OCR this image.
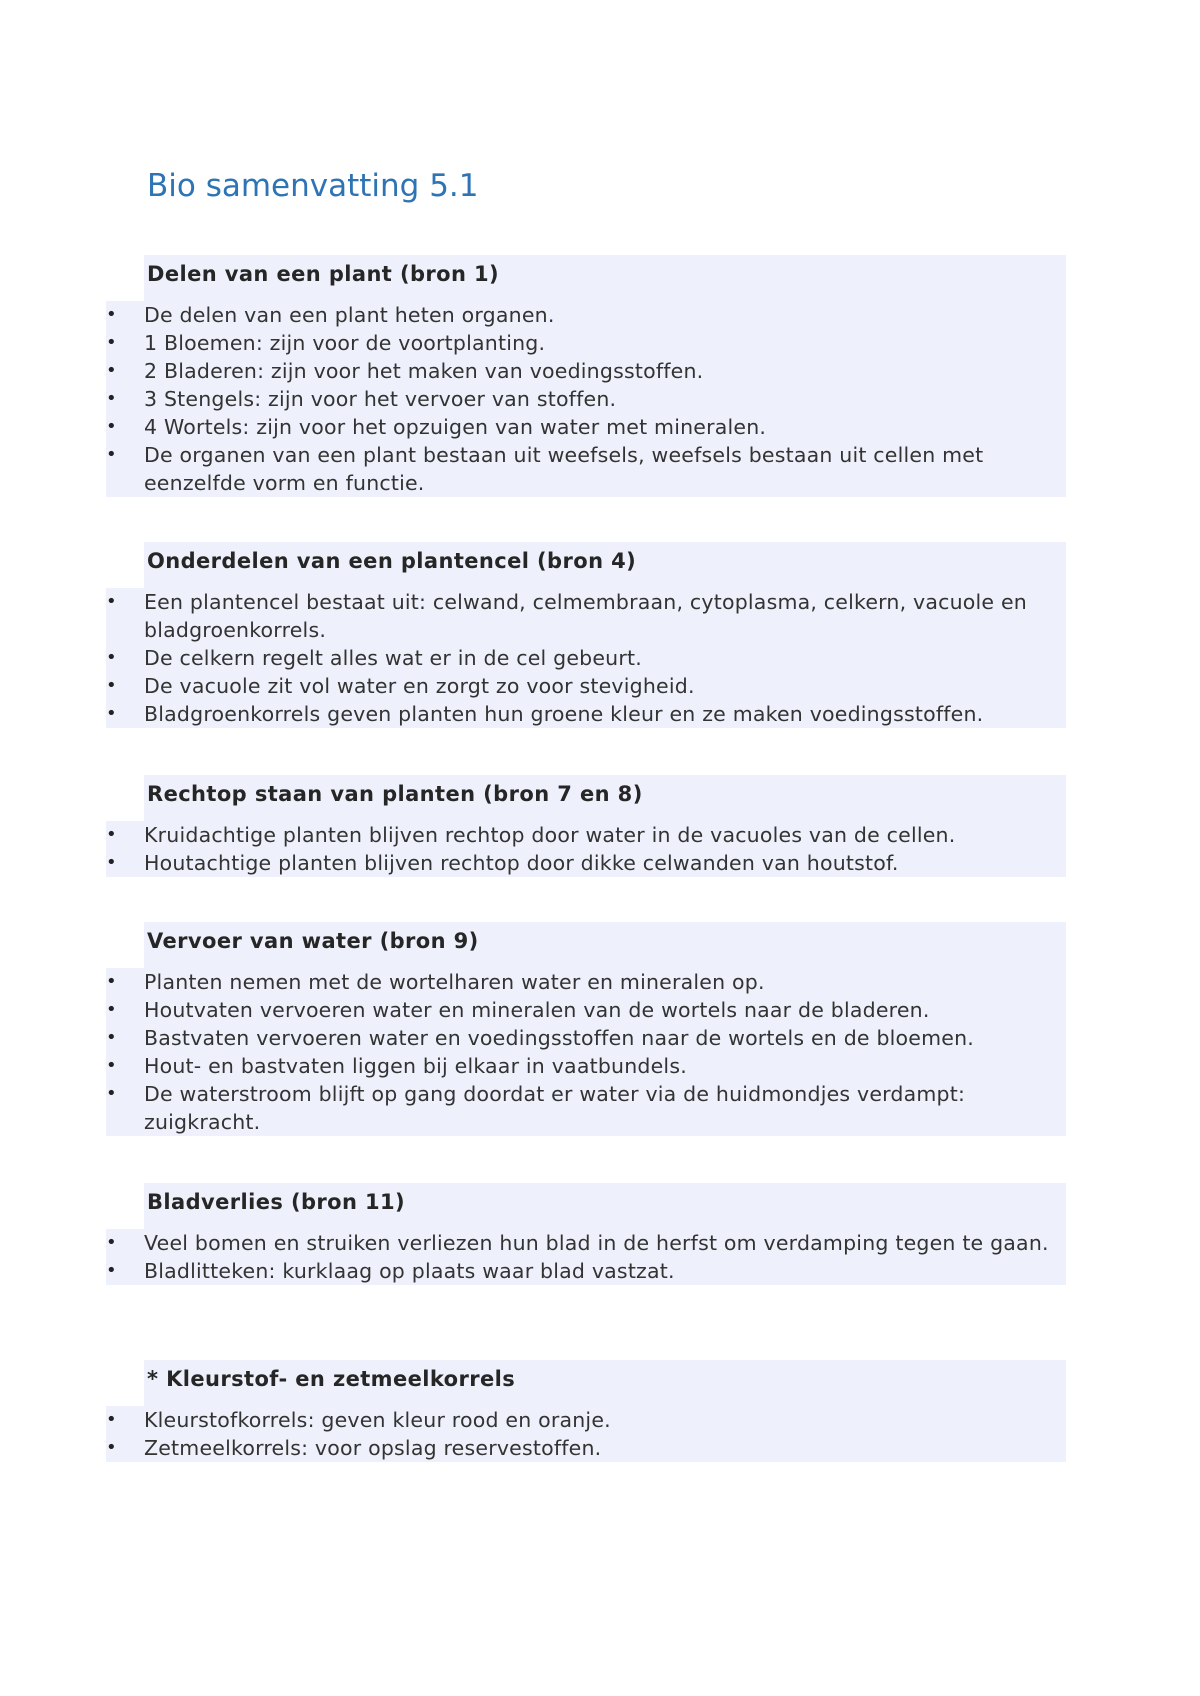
Bio samenvatting 5.1
Delen van een plant (bron 1)
•	De delen van een plant heten organen.
•	1 Bloemen: zijn voor de voortplanting.
•	2 Bladeren: zijn voor het maken van voedingsstoffen.
•	3 Stengels: zijn voor het vervoer van stoffen.
•	4 Wortels: zijn voor het opzuigen van water met mineralen.
•	De organen van een plant bestaan uit weefsels, weefsels bestaan uit cellen met eenzelfde vorm en functie.
Onderdelen van een plantencel (bron 4)
•	Een plantencel bestaat uit: celwand, celmembraan, cytoplasma, celkern, vacuole en bladgroenkorrels.
•	De celkern regelt alles wat er in de cel gebeurt.
•	De vacuole zit vol water en zorgt zo voor stevigheid.
•	Bladgroenkorrels geven planten hun groene kleur en ze maken voedingsstoffen.
Rechtop staan van planten (bron 7 en 8)
•	Kruidachtige planten blijven rechtop door water in de vacuoles van de cellen.
•	Houtachtige planten blijven rechtop door dikke celwanden van houtstof.
Vervoer van water (bron 9)
•	Planten nemen met de wortelharen water en mineralen op.
•	Houtvaten vervoeren water en mineralen van de wortels naar de bladeren.
•	Bastvaten vervoeren water en voedingsstoffen naar de wortels en de bloemen.
•	Hout- en bastvaten liggen bij elkaar in vaatbundels.
•	De waterstroom blijft op gang doordat er water via de huidmondjes verdampt: zuigkracht.
Bladverlies (bron 11)
•	Veel bomen en struiken verliezen hun blad in de herfst om verdamping tegen te gaan.
•	Bladlitteken: kurklaag op plaats waar blad vastzat.
* Kleurstof- en zetmeelkorrels
•	Kleurstofkorrels: geven kleur rood en oranje.
•	Zetmeelkorrels: voor opslag reservestoffen.
